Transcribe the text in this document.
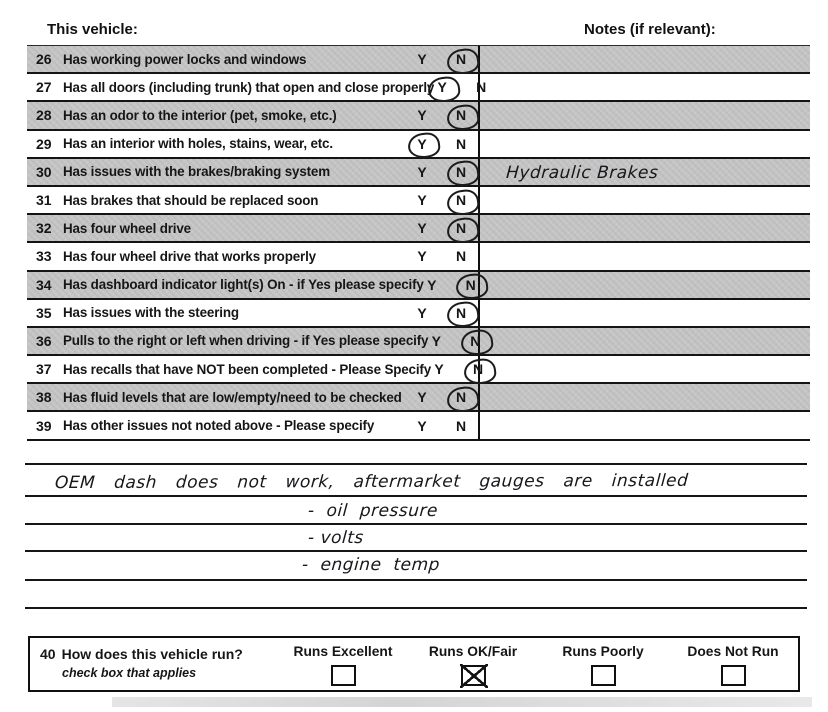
This vehicle:	Notes (if relevant):
26 Has working power locks and windows	Y N
27 Has all doors (including trunk) that open and close properly Y N
28 Has an odor to the interior (pet, smoke, etc.)	Y N
29 Has an interior with holes, stains, wear, etc.	Y N
30 Has issues with the brakes/braking system	Y N	Hydraulic Brakes
31 Has brakes that should be replaced soon	Y N
32 Has four wheel drive	Y N
33 Has four wheel drive that works properly	Y N
34 Has dashboard indicator light(s) On - if Yes please specify Y N
35 Has issues with the steering	Y N
36 Pulls to the right or left when driving - if Yes please specify Y N
37 Has recalls that have NOT been completed - Please Specify Y N
38 Has fluid levels that are low/empty/need to be checked Y N
39 Has other issues not noted above - Please specify	Y N
OEM dash does not work, aftermarket gauges are installed
- oil pressure
- volts
- engine temp
40 How does this vehicle run?
check box that applies
Runs Excellent	Runs OK/Fair	Runs Poorly	Does Not Run
